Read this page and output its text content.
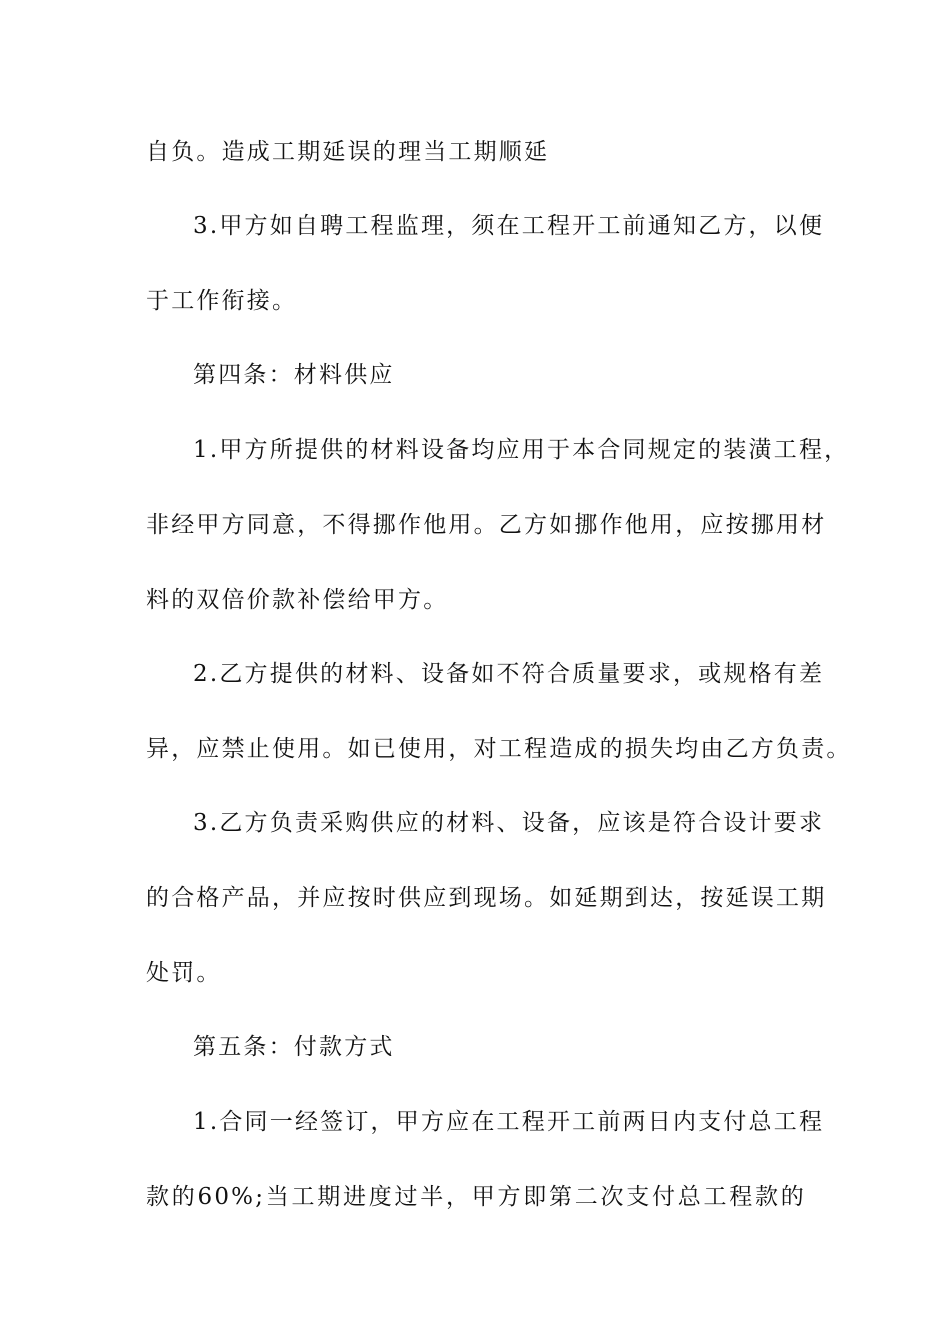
自负。造成工期延误的理当工期顺延
3.甲方如自聘工程监理，须在工程开工前通知乙方，以便
于工作衔接。
第四条：材料供应
1.甲方所提供的材料设备均应用于本合同规定的装潢工程，
非经甲方同意，不得挪作他用。乙方如挪作他用，应按挪用材
料的双倍价款补偿给甲方。
2.乙方提供的材料、设备如不符合质量要求，或规格有差
异，应禁止使用。如已使用，对工程造成的损失均由乙方负责。
3.乙方负责采购供应的材料、设备，应该是符合设计要求
的合格产品，并应按时供应到现场。如延期到达，按延误工期
处罚。
第五条：付款方式
1.合同一经签订，甲方应在工程开工前两日内支付总工程
款的60%;当工期进度过半，甲方即第二次支付总工程款的
